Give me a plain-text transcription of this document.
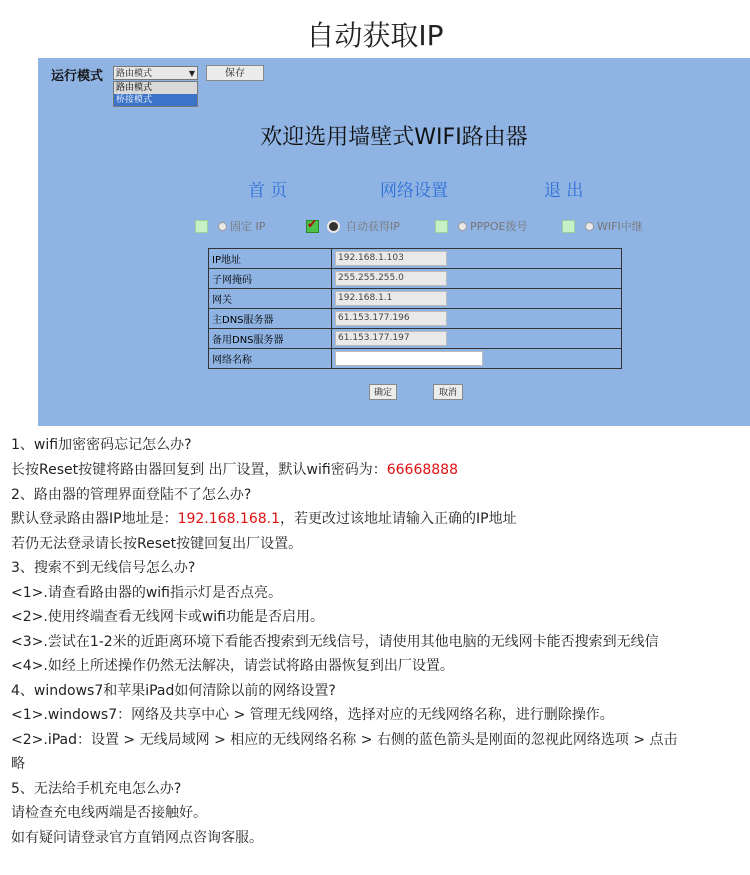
自动获取IP
运行模式	路由模式	▼
路由模式
桥接模式
保存
欢迎选用墙壁式WIFI路由器
首 页	网络设置	退 出
固定 IP ✔	自动获得IP	PPPOE拨号	WIFI中继
IP地址	192.168.1.103

子网掩码	255.255.255.0

网关	192.168.1.1

主DNS服务器	61.153.177.196

备用DNS服务器	61.153.177.197

网络名称	
确定	取消
1、wifi加密密码忘记怎么办?
长按Reset按键将路由器回复到 出厂设置，默认wifi密码为：66668888
2、路由器的管理界面登陆不了怎么办?
默认登录路由器IP地址是：192.168.168.1，若更改过该地址请输入正确的IP地址
若仍无法登录请长按Reset按键回复出厂设置。
3、搜索不到无线信号怎么办?
<1>.请查看路由器的wifi指示灯是否点亮。
<2>.使用终端查看无线网卡或wifi功能是否启用。
<3>.尝试在1-2米的近距离环境下看能否搜索到无线信号，请使用其他电脑的无线网卡能否搜索到无线信
<4>.如经上所述操作仍然无法解决，请尝试将路由器恢复到出厂设置。
4、windows7和苹果iPad如何清除以前的网络设置?
<1>.windows7：网络及共享中心 > 管理无线网络，选择对应的无线网络名称，进行删除操作。
<2>.iPad：设置 > 无线局域网 > 相应的无线网络名称 > 右侧的蓝色箭头是刚面的忽视此网络选项 > 点击
略
5、无法给手机充电怎么办?
请检查充电线两端是否接触好。
如有疑问请登录官方直销网点咨询客服。
